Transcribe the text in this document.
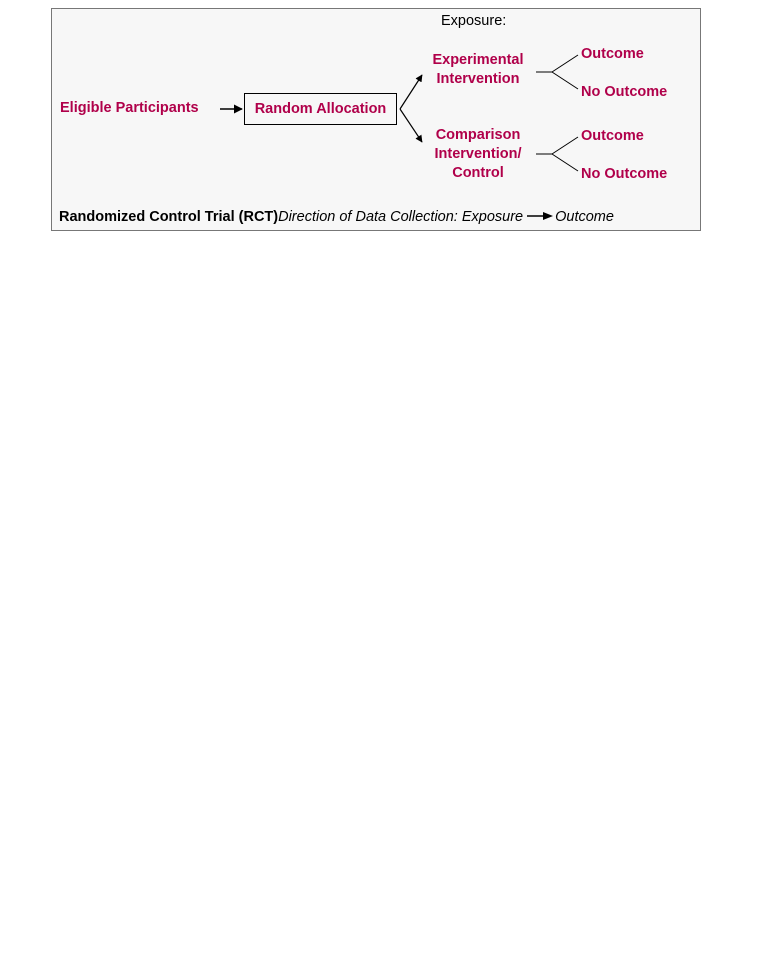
Exposure:
Eligible Participants	Random Allocation
Experimental
Intervention
Comparison
Intervention/
Control
Outcome
No Outcome
Outcome
No Outcome
Randomized Control Trial (RCT)Direction of Data Collection: Exposure Outcome
